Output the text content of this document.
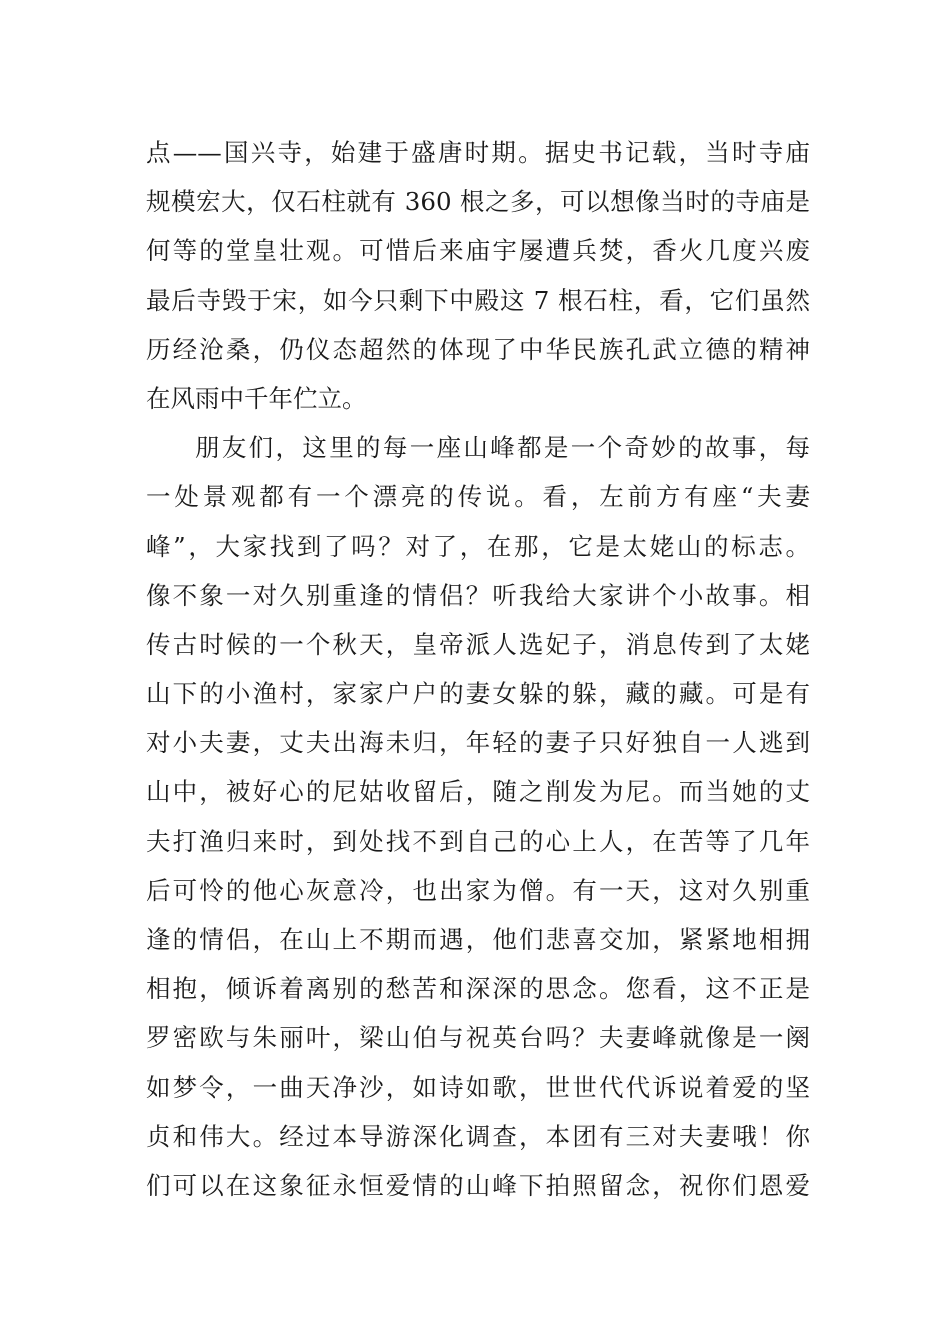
点——国兴寺，始建于盛唐时期。据史书记载，当时寺庙
规模宏大，仅石柱就有 360 根之多，可以想像当时的寺庙是
何等的堂皇壮观。可惜后来庙宇屡遭兵焚，香火几度兴废
最后寺毁于宋，如今只剩下中殿这 7 根石柱，看，它们虽然
历经沧桑，仍仪态超然的体现了中华民族孔武立德的精神
在风雨中千年伫立。
朋友们，这里的每一座山峰都是一个奇妙的故事，每
一处景观都有一个漂亮的传说。看，左前方有座“夫妻
峰”，大家找到了吗？对了，在那，它是太姥山的标志。
像不象一对久别重逢的情侣？听我给大家讲个小故事。相
传古时候的一个秋天，皇帝派人选妃子，消息传到了太姥
山下的小渔村，家家户户的妻女躲的躲，藏的藏。可是有
对小夫妻，丈夫出海未归，年轻的妻子只好独自一人逃到
山中，被好心的尼姑收留后，随之削发为尼。而当她的丈
夫打渔归来时，到处找不到自己的心上人，在苦等了几年
后可怜的他心灰意冷，也出家为僧。有一天，这对久别重
逢的情侣，在山上不期而遇，他们悲喜交加，紧紧地相拥
相抱，倾诉着离别的愁苦和深深的思念。您看，这不正是
罗密欧与朱丽叶，梁山伯与祝英台吗？夫妻峰就像是一阕
如梦令，一曲天净沙，如诗如歌，世世代代诉说着爱的坚
贞和伟大。经过本导游深化调查，本团有三对夫妻哦！你
们可以在这象征永恒爱情的山峰下拍照留念，祝你们恩爱
